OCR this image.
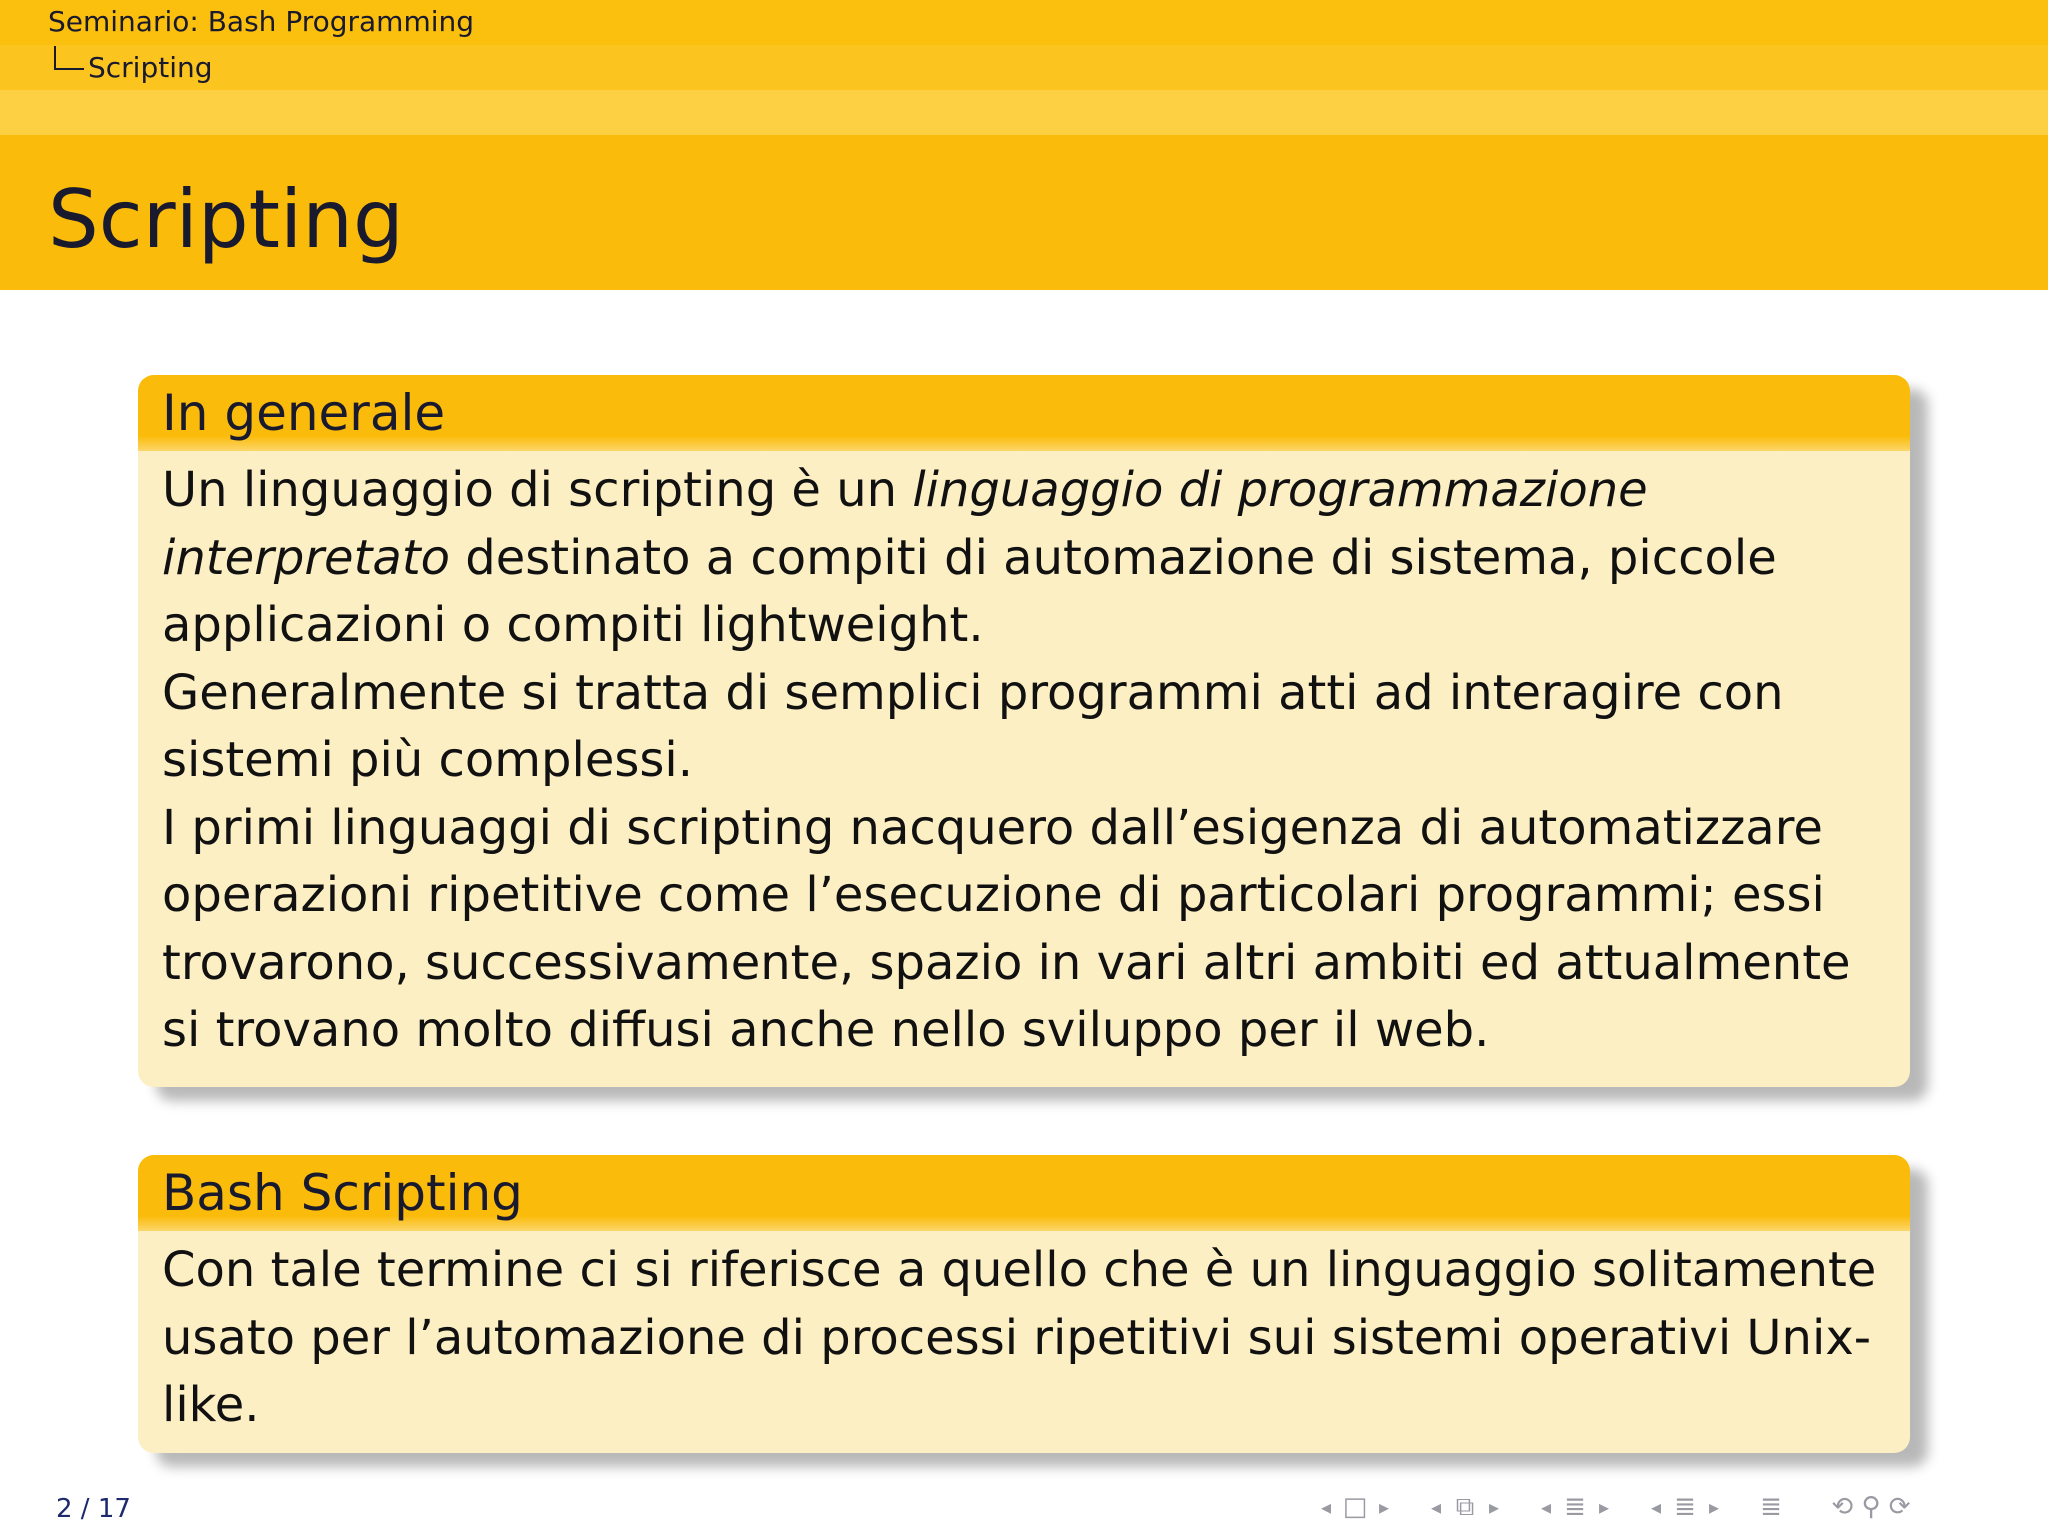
Seminario: Bash Programming
Scripting
Scripting
In generale

Un linguaggio di scripting è un linguaggio di programmazione interpretato destinato a compiti di automazione di sistema, piccole applicazioni o compiti lightweight.

Generalmente si tratta di semplici programmi atti ad interagire con sistemi più complessi.

I primi linguaggi di scripting nacquero dall’esigenza di automatizzare operazioni ripetitive come l’esecuzione di particolari programmi; essi trovarono, successivamente, spazio in vari altri ambiti ed attualmente si trovano molto diffusi anche nello sviluppo per il web.

Bash Scripting

Con tale termine ci si riferisce a quello che è un linguaggio solitamente usato per l’automazione di processi ripetitivi sui sistemi operativi Unix-like.

2 / 17	◂ □ ▸	◂ ⧉ ▸	◂ ≣ ▸	◂ ≣ ▸ ≣	⟲ ⚲ ⟳
